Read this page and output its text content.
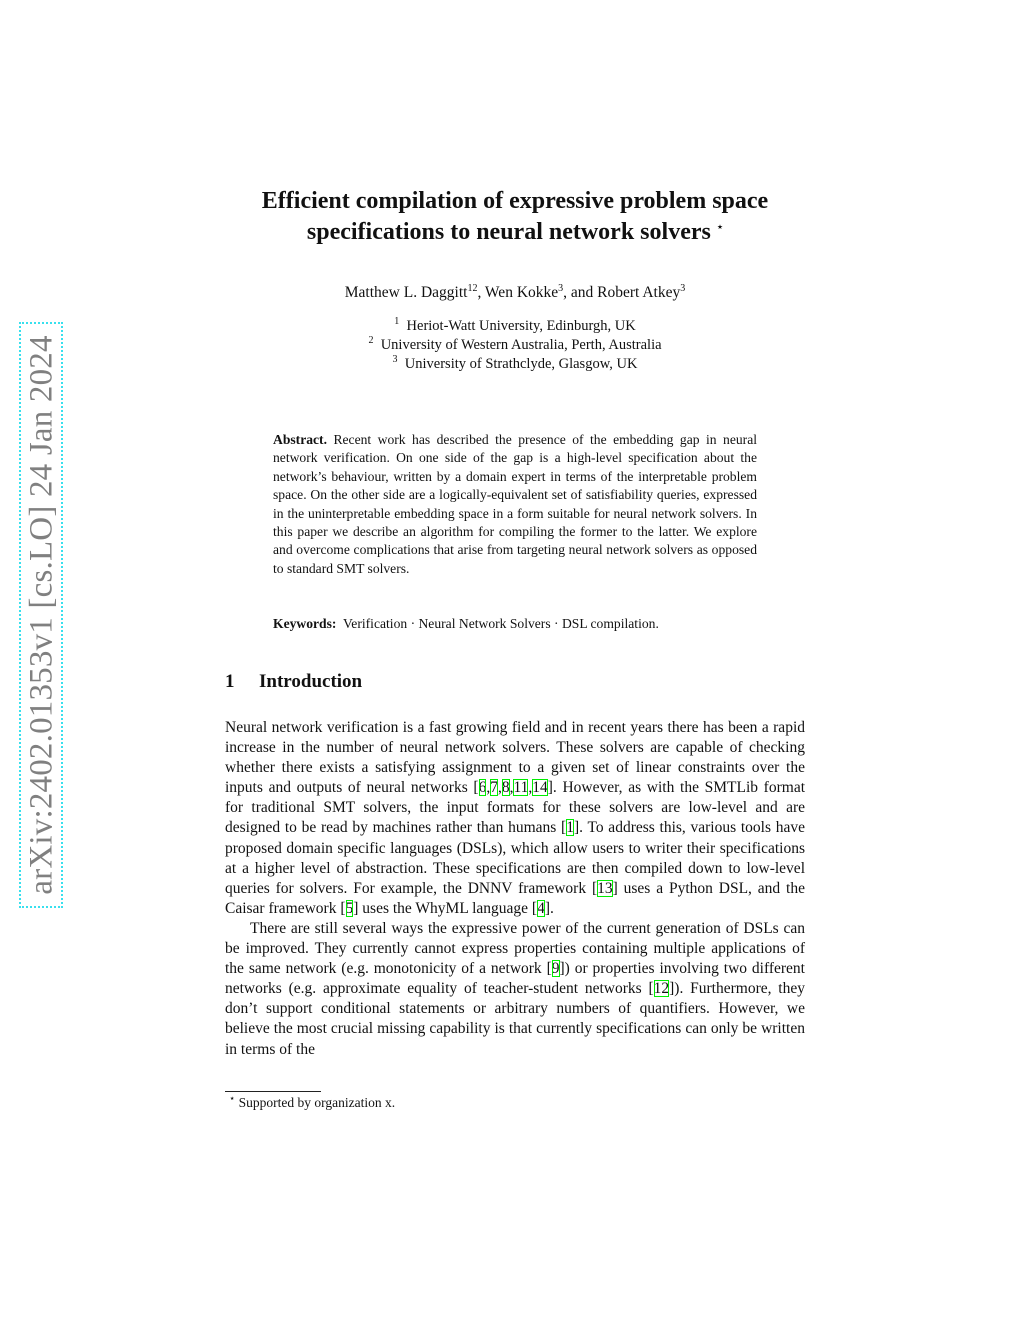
arXiv:2402.01353v1 [cs.LO] 24 Jan 2024
Efficient compilation of expressive problem space
specifications to neural network solvers ⋆
Matthew L. Daggitt$^{12}$, Wen Kokke$^3$, and Robert Atkey$^3$
$^1$ Heriot-Watt University, Edinburgh, UK
$^2$ University of Western Australia, Perth, Australia
$^3$ University of Strathclyde, Glasgow, UK
Abstract. Recent work has described the presence of the embedding gap in neural network verification. On one side of the gap is a high-level specification about the network’s behaviour, written by a domain expert in terms of the interpretable problem space. On the other side are a logically-equivalent set of satisfiability queries, expressed in the uninterpretable embedding space in a form suitable for neural network solvers. In this paper we describe an algorithm for compiling the former to the latter. We explore and overcome complications that arise from targeting neural network solvers as opposed to standard SMT solvers.
Keywords: Verification · Neural Network Solvers · DSL compilation.
1 Introduction

Neural network verification is a fast growing field and in recent years there has been a rapid increase in the number of neural network solvers. These solvers are capable of checking whether there exists a satisfying assignment to a given set of linear constraints over the inputs and outputs of neural networks [6,7,8,11,14]. However, as with the SMTLib format for traditional SMT solvers, the input formats for these solvers are low-level and are designed to be read by machines rather than humans [1]. To address this, various tools have proposed domain specific languages (DSLs), which allow users to writer their specifications at a higher level of abstraction. These specifications are then compiled down to low-level queries for solvers. For example, the DNNV framework [13] uses a Python DSL, and the Caisar framework [5] uses the WhyML language [4].

There are still several ways the expressive power of the current generation of DSLs can be improved. They currently cannot express properties containing multiple applications of the same network (e.g. monotonicity of a network [9]) or properties involving two different networks (e.g. approximate equality of teacher-student networks [12]). Furthermore, they don’t support conditional statements or arbitrary numbers of quantifiers. However, we believe the most crucial missing capability is that currently specifications can only be written in terms of the

⋆ Supported by organization x.
